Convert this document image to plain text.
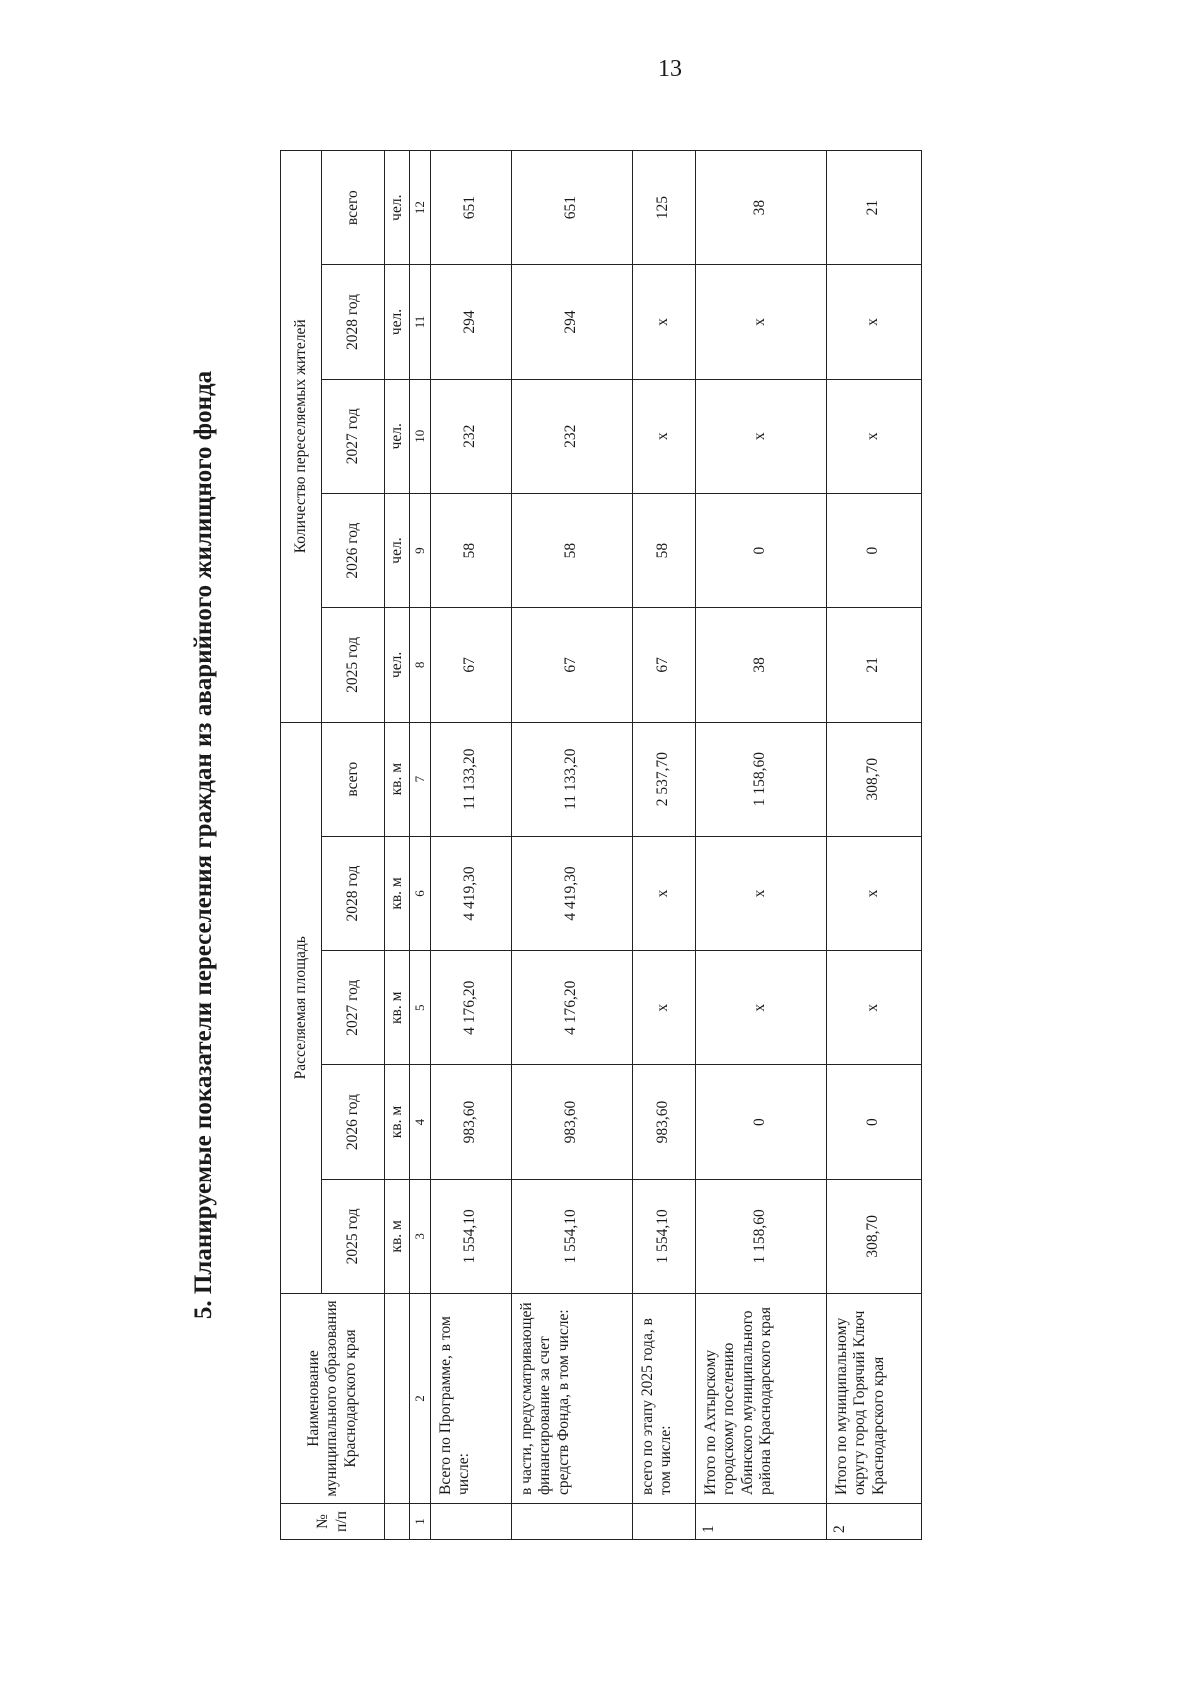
13
5. Планируемые показатели переселения граждан из аварийного жилищного фонда
№ п/п	Наименование муниципального образования Краснодарского края	Расселяемая площадь					Количество переселяемых жителей				
		2025 год	2026 год	2027 год	2028 год	всего	2025 год	2026 год	2027 год	2028 год	всего
		кв. м	кв. м	кв. м	кв. м	кв. м	чел.	чел.	чел.	чел.	чел.
1	2	3	4	5	6	7	8	9	10	11	12
	Всего по Программе, в том числе:	1 554,10	983,60	4 176,20	4 419,30	11 133,20	67	58	232	294	651
	в части, предусматривающей финансирование за счет средств Фонда, в том числе:	1 554,10	983,60	4 176,20	4 419,30	11 133,20	67	58	232	294	651
	всего по этапу 2025 года, в том числе:	1 554,10	983,60	х	х	2 537,70	67	58	х	х	125
1	Итого по Ахтырскому городскому поселению Абинского муниципального района Краснодарского края	1 158,60	0	х	х	1 158,60	38	0	х	х	38
2	Итого по муниципальному округу город Горячий Ключ Краснодарского края	308,70	0	х	х	308,70	21	0	х	х	21
